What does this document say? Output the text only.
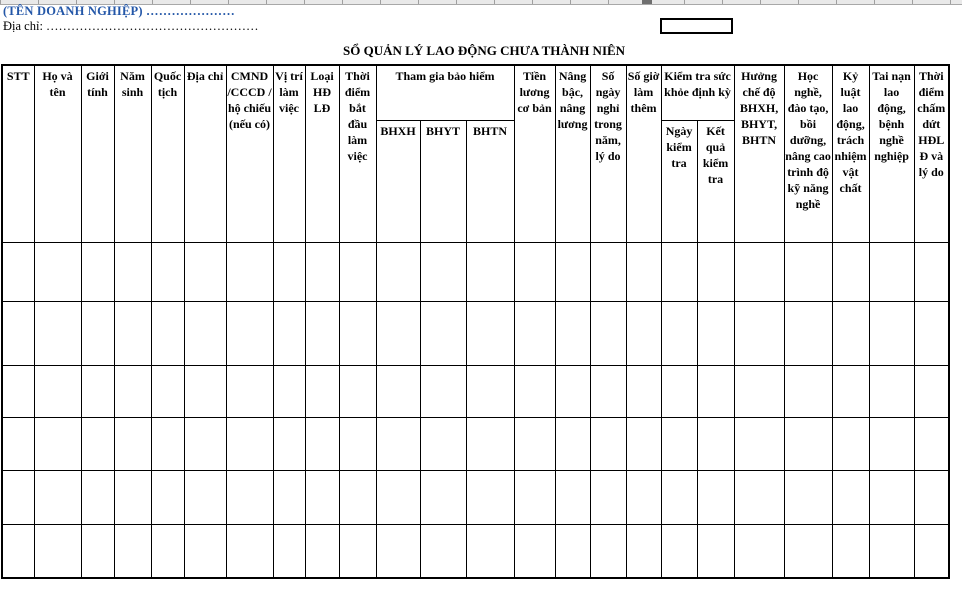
(TÊN DOANH NGHIỆP) …………………
Địa chỉ: ……………………………………………
SỔ QUẢN LÝ LAO ĐỘNG CHƯA THÀNH NIÊN
STT	Họ và tên	Giới tính	Năm sinh	Quốc tịch	Địa chỉ	CMND /CCCD / hộ chiếu (nếu có)	Vị trí làm việc	Loại HĐ LĐ	Thời điểm bắt đầu làm việc	Tham gia bảo hiểm			Tiền lương cơ bản	Nâng bậc, nâng lương	Số ngày nghỉ trong năm, lý do	Số giờ làm thêm	Kiểm tra sức khỏe định kỳ		Hưởng chế độ BHXH, BHYT, BHTN	Học nghề, đào tạo, bồi dưỡng, nâng cao trình độ kỹ năng nghề	Kỷ luật lao động, trách nhiệm vật chất	Tai nạn lao động, bệnh nghề nghiệp	Thời điểm chấm dứt HĐLĐ và lý do

										BHXH	BHYT	BHTN					Ngày kiểm tra	Kết quả kiểm tra					
